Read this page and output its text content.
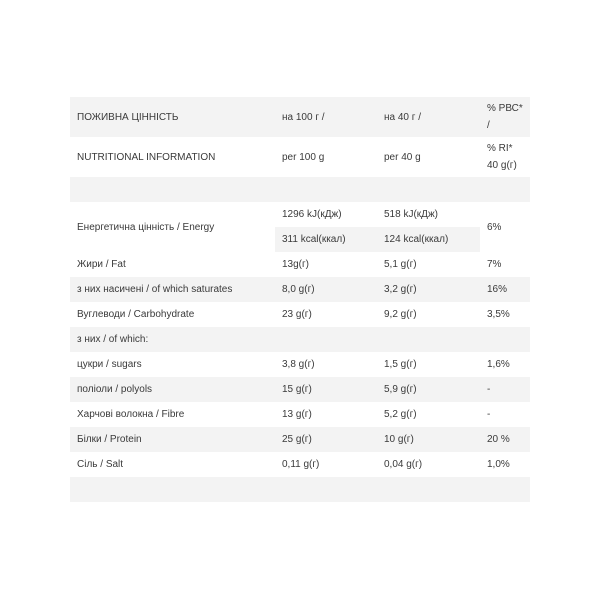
ПОЖИВНА ЦІННІСТЬ	на 100 г /	на 40 г /	% РВС*
/

NUTRITIONAL INFORMATION	per 100 g	per 40 g	% RI*
40 g(г)

Енергетична цінність / Energy	1296 kJ(кДж)	518 kJ(кДж)	6%
	311 kcal(ккал)	124 kcal(ккал)	
Жири / Fat	13g(г)	5,1 g(г)	7%
з них насичені / of which saturates	8,0 g(г)	3,2 g(г)	16%
Вуглеводи / Carbohydrate	23 g(г)	9,2 g(г)	3,5%
з них / of which:			
цукри / sugars	3,8 g(г)	1,5 g(г)	1,6%
поліоли / polyols	15 g(г)	5,9 g(г)	-
Харчові волокна / Fibre	13 g(г)	5,2 g(г)	-
Білки / Protein	25 g(г)	10 g(г)	20 %
Сіль / Salt	0,11 g(г)	0,04 g(г)	1,0%
